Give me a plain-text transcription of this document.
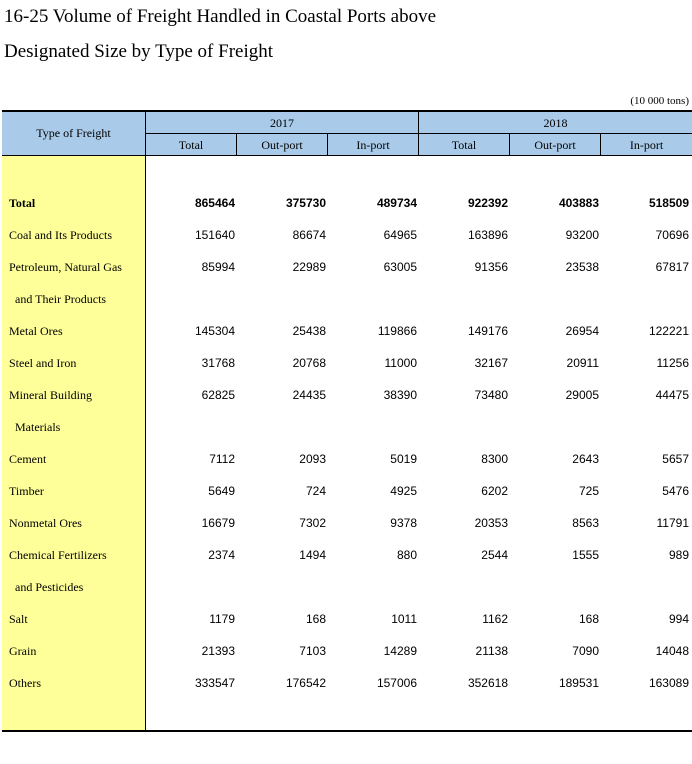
16-25 Volume of Freight Handled in Coastal Ports above
Designated Size by Type of Freight
(10 000 tons)
Type of Freight
2017	2018
Total	Out-port	In-port	Total	Out-port	In-port
Total	865464	375730	489734	922392	403883	518509
Coal and Its Products	151640	86674	64965	163896	93200	70696
Petroleum, Natural Gas	85994	22989	63005	91356	23538	67817
and Their Products
Metal Ores	145304	25438	119866	149176	26954	122221
Steel and Iron	31768	20768	11000	32167	20911	11256
Mineral Building	62825	24435	38390	73480	29005	44475
Materials
Cement	7112	2093	5019	8300	2643	5657
Timber	5649	724	4925	6202	725	5476
Nonmetal Ores	16679	7302	9378	20353	8563	11791
Chemical Fertilizers	2374	1494	880	2544	1555	989
and Pesticides
Salt	1179	168	1011	1162	168	994
Grain	21393	7103	14289	21138	7090	14048
Others	333547	176542	157006	352618	189531	163089
